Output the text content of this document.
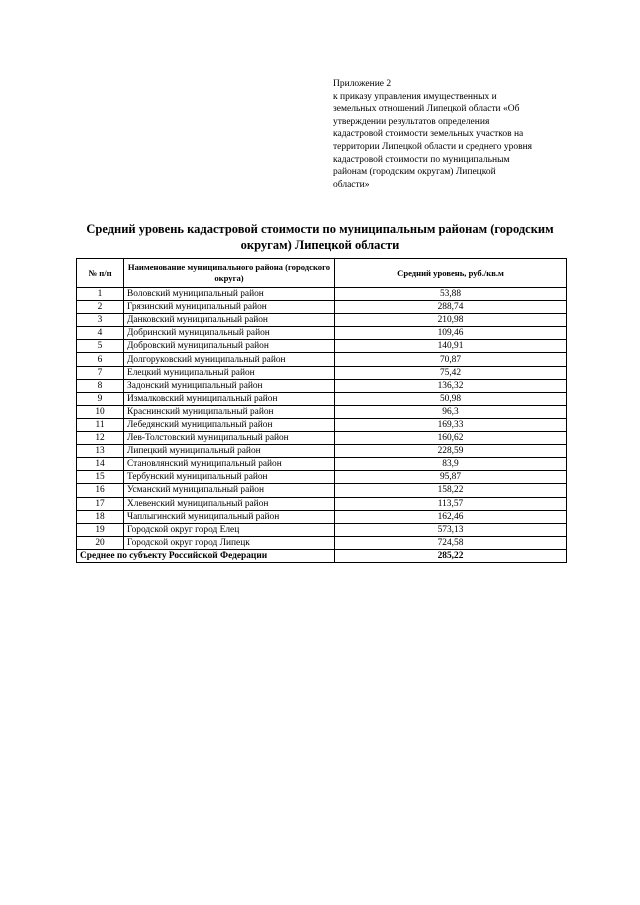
Приложение 2
к приказу управления имущественных и
земельных отношений Липецкой области «Об
утверждении результатов определения
кадастровой стоимости земельных участков на
территории Липецкой области и среднего уровня
кадастровой стоимости по муниципальным
районам (городским округам) Липецкой
области»
Средний уровень кадастровой стоимости по муниципальным районам (городским
округам) Липецкой области
№ п/п	Наименование муниципального района (городского округа)	Средний уровень, руб./кв.м
1	Воловский муниципальный район	53,88
2	Грязинский муниципальный район	288,74
3	Данковский муниципальный район	210,98
4	Добринский муниципальный район	109,46
5	Добровский муниципальный район	140,91
6	Долгоруковский муниципальный район	70,87
7	Елецкий муниципальный район	75,42
8	Задонский муниципальный район	136,32
9	Измалковский муниципальный район	50,98
10	Краснинский муниципальный район	96,3
11	Лебедянский муниципальный район	169,33
12	Лев-Толстовский муниципальный район	160,62
13	Липецкий муниципальный район	228,59
14	Становлянский муниципальный район	83,9
15	Тербунский муниципальный район	95,87
16	Усманский муниципальный район	158,22
17	Хлевенский муниципальный район	113,57
18	Чаплыгинский муниципальный район	162,46
19	Городской округ город Елец	573,13
20	Городской округ город Липецк	724,58
Среднее по субъекту Российской Федерации		285,22
